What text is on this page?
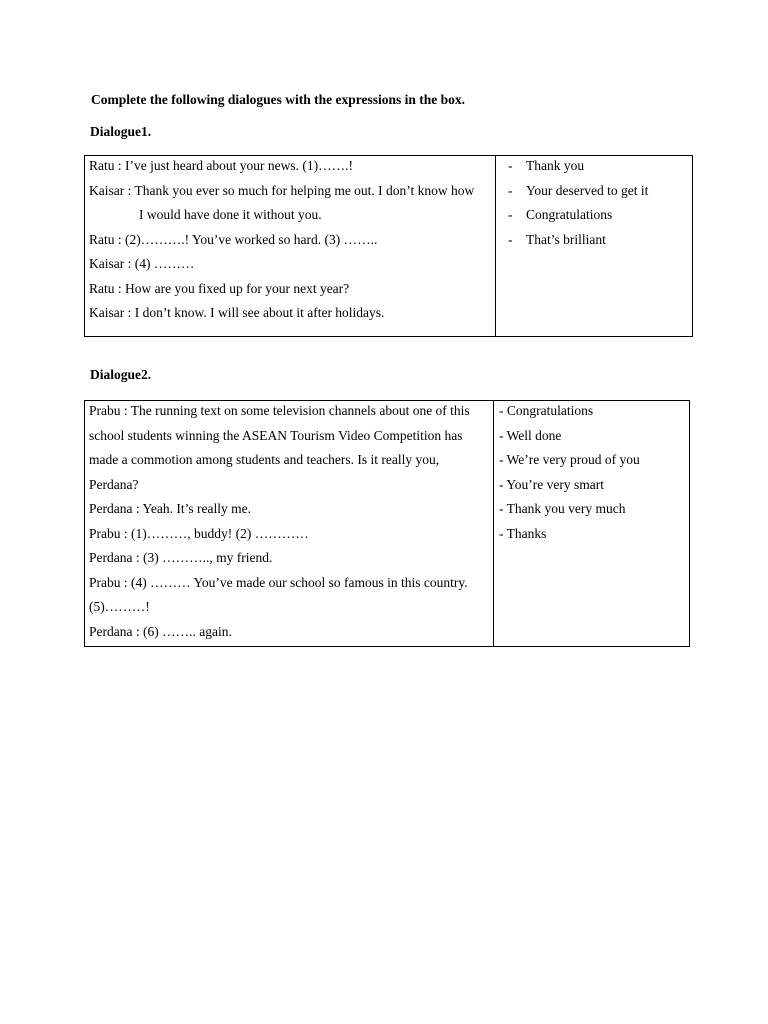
Complete the following dialogues with the expressions in the box.
Dialogue1.
Ratu : I’ve just heard about your news. (1)…….!
Kaisar : Thank you ever so much for helping me out. I don’t know how
I would have done it without you.
Ratu : (2)……….! You’ve worked so hard. (3) ……..
Kaisar : (4) ………
Ratu : How are you fixed up for your next year?
Kaisar : I don’t know. I will see about it after holidays.

- Thank you
- Your deserved to get it
- Congratulations
- That’s brilliant
Dialogue2.
Prabu : The running text on some television channels about one of this
school students winning the ASEAN Tourism Video Competition has
made a commotion among students and teachers. Is it really you,
Perdana?
Perdana : Yeah. It’s really me.
Prabu : (1)………, buddy! (2) …………
Perdana : (3) ……….., my friend.
Prabu : (4) ……… You’ve made our school so famous in this country.
(5)………!
Perdana : (6) …….. again.

- Congratulations
- Well done
- We’re very proud of you
- You’re very smart
- Thank you very much
- Thanks
